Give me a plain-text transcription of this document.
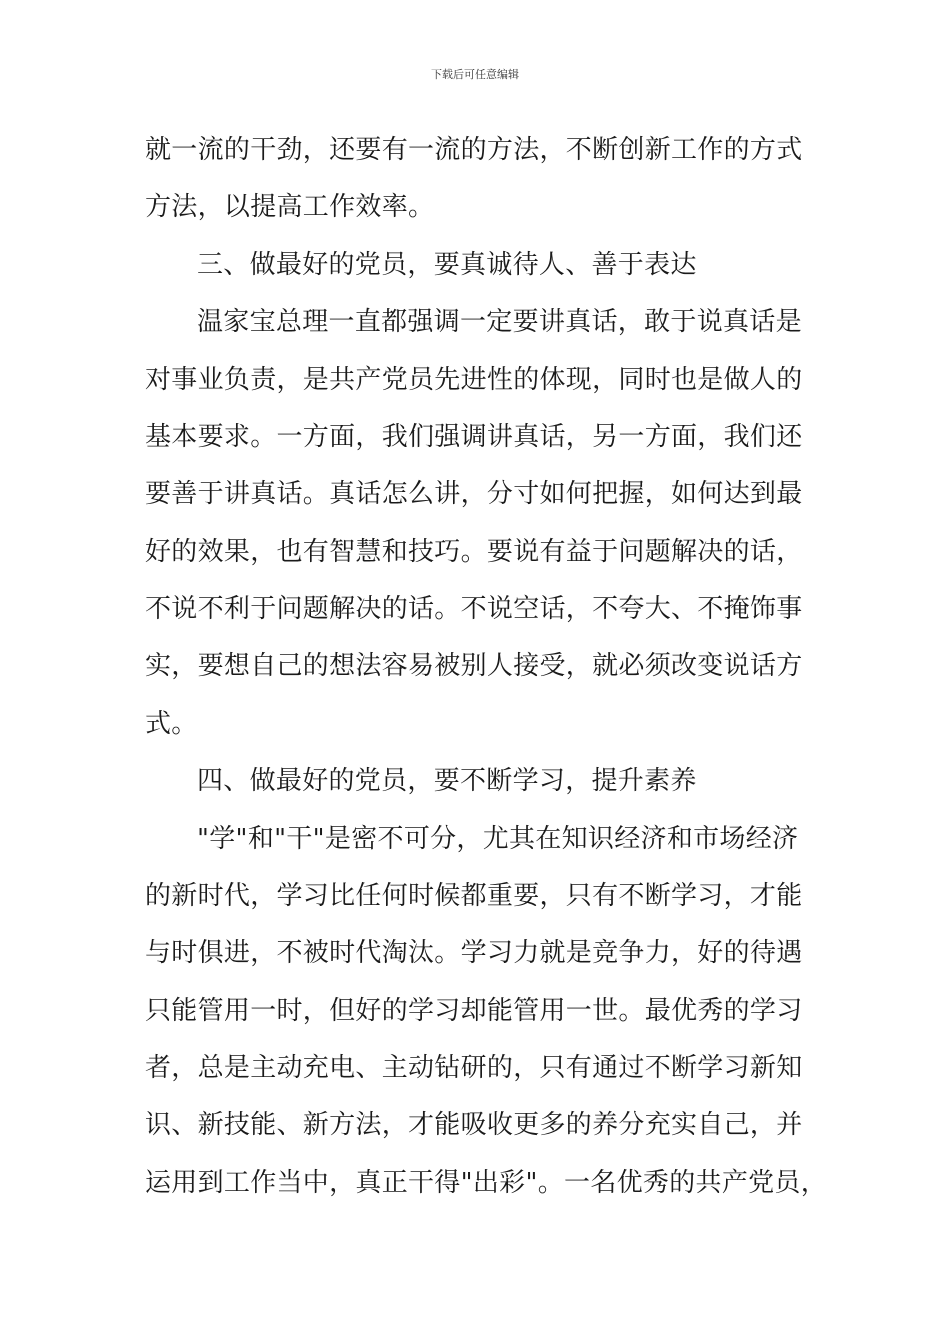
下载后可任意编辑
就一流的干劲，还要有一流的方法，不断创新工作的方式
方法，以提高工作效率。
三、做最好的党员，要真诚待人、善于表达
温家宝总理一直都强调一定要讲真话，敢于说真话是
对事业负责，是共产党员先进性的体现，同时也是做人的
基本要求。一方面，我们强调讲真话，另一方面，我们还
要善于讲真话。真话怎么讲，分寸如何把握，如何达到最
好的效果，也有智慧和技巧。要说有益于问题解决的话，
不说不利于问题解决的话。不说空话，不夸大、不掩饰事
实，要想自己的想法容易被别人接受，就必须改变说话方
式。
四、做最好的党员，要不断学习，提升素养
"学"和"干"是密不可分，尤其在知识经济和市场经济
的新时代，学习比任何时候都重要，只有不断学习，才能
与时俱进，不被时代淘汰。学习力就是竞争力，好的待遇
只能管用一时，但好的学习却能管用一世。最优秀的学习
者，总是主动充电、主动钻研的，只有通过不断学习新知
识、新技能、新方法，才能吸收更多的养分充实自己，并
运用到工作当中，真正干得"出彩"。一名优秀的共产党员，
